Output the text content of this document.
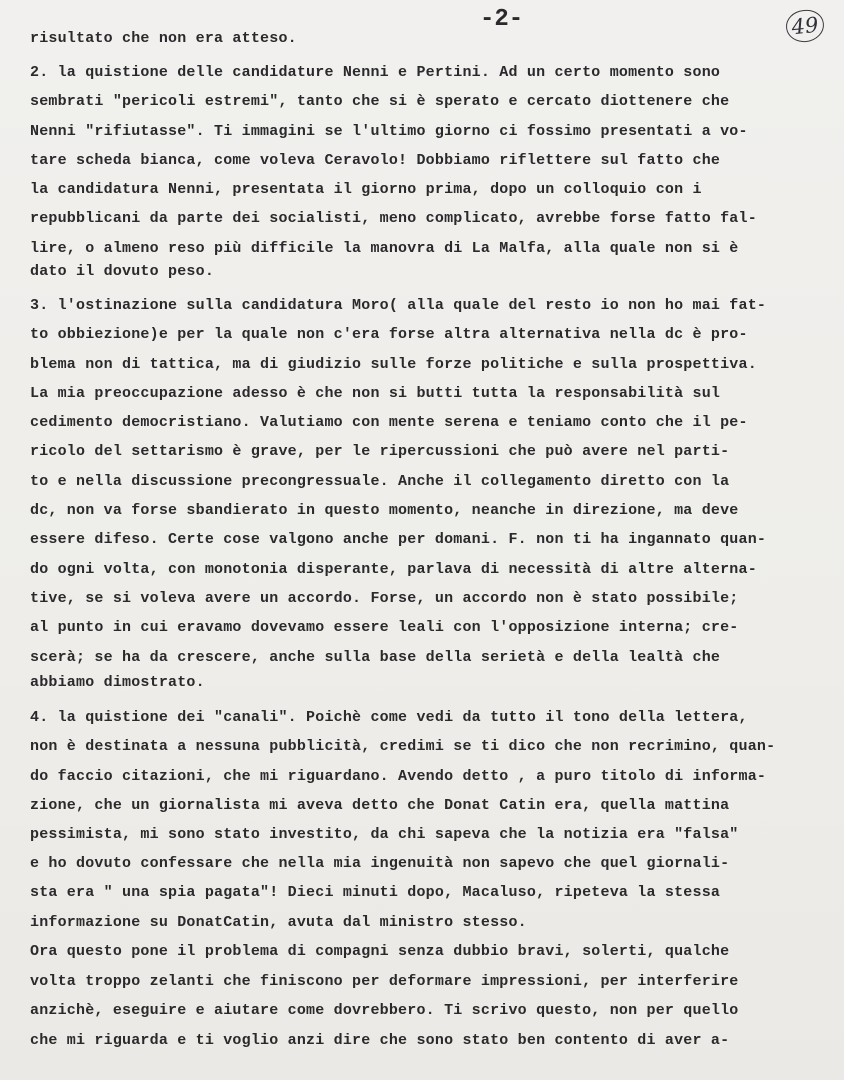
-2-	49
risultato che non era atteso.
2. la quistione delle candidature Nenni e Pertini. Ad un certo momento sono
sembrati "pericoli estremi", tanto che si è sperato e cercato diottenere che
Nenni "rifiutasse". Ti immagini se l'ultimo giorno ci fossimo presentati a vo-
tare scheda bianca, come voleva Ceravolo! Dobbiamo riflettere sul fatto che
la candidatura Nenni, presentata il giorno prima, dopo un colloquio con i
repubblicani da parte dei socialisti, meno complicato, avrebbe forse fatto fal-
lire, o almeno reso più difficile la manovra di La Malfa, alla quale non si è
dato il dovuto peso.
3. l'ostinazione sulla candidatura Moro( alla quale del resto io non ho mai fat-
to obbiezione)e per la quale non c'era forse altra alternativa nella dc è pro-
blema non di tattica, ma di giudizio sulle forze politiche e sulla prospettiva.
La mia preoccupazione adesso è che non si butti tutta la responsabilità sul
cedimento democristiano. Valutiamo con mente serena e teniamo conto che il pe-
ricolo del settarismo è grave, per le ripercussioni che può avere nel parti-
to e nella discussione precongressuale. Anche il collegamento diretto con la
dc, non va forse sbandierato in questo momento, neanche in direzione, ma deve
essere difeso. Certe cose valgono anche per domani. F. non ti ha ingannato quan-
do ogni volta, con monotonia disperante, parlava di necessità di altre alterna-
tive, se si voleva avere un accordo. Forse, un accordo non è stato possibile;
al punto in cui eravamo dovevamo essere leali con l'opposizione interna; cre-
scerà; se ha da crescere, anche sulla base della serietà e della lealtà che
abbiamo dimostrato.
4. la quistione dei "canali". Poichè come vedi da tutto il tono della lettera,
non è destinata a nessuna pubblicità, credimi se ti dico che non recrimino, quan-
do faccio citazioni, che mi riguardano. Avendo detto , a puro titolo di informa-
zione, che un giornalista mi aveva detto che Donat Catin era, quella mattina
pessimista, mi sono stato investito, da chi sapeva che la notizia era "falsa"
e ho dovuto confessare che nella mia ingenuità non sapevo che quel giornali-
sta era " una spia pagata"! Dieci minuti dopo, Macaluso, ripeteva la stessa
informazione su DonatCatin, avuta dal ministro stesso.
Ora questo pone il problema di compagni senza dubbio bravi, solerti, qualche
volta troppo zelanti che finiscono per deformare impressioni, per interferire
anzichè, eseguire e aiutare come dovrebbero. Ti scrivo questo, non per quello
che mi riguarda e ti voglio anzi dire che sono stato ben contento di aver a-
